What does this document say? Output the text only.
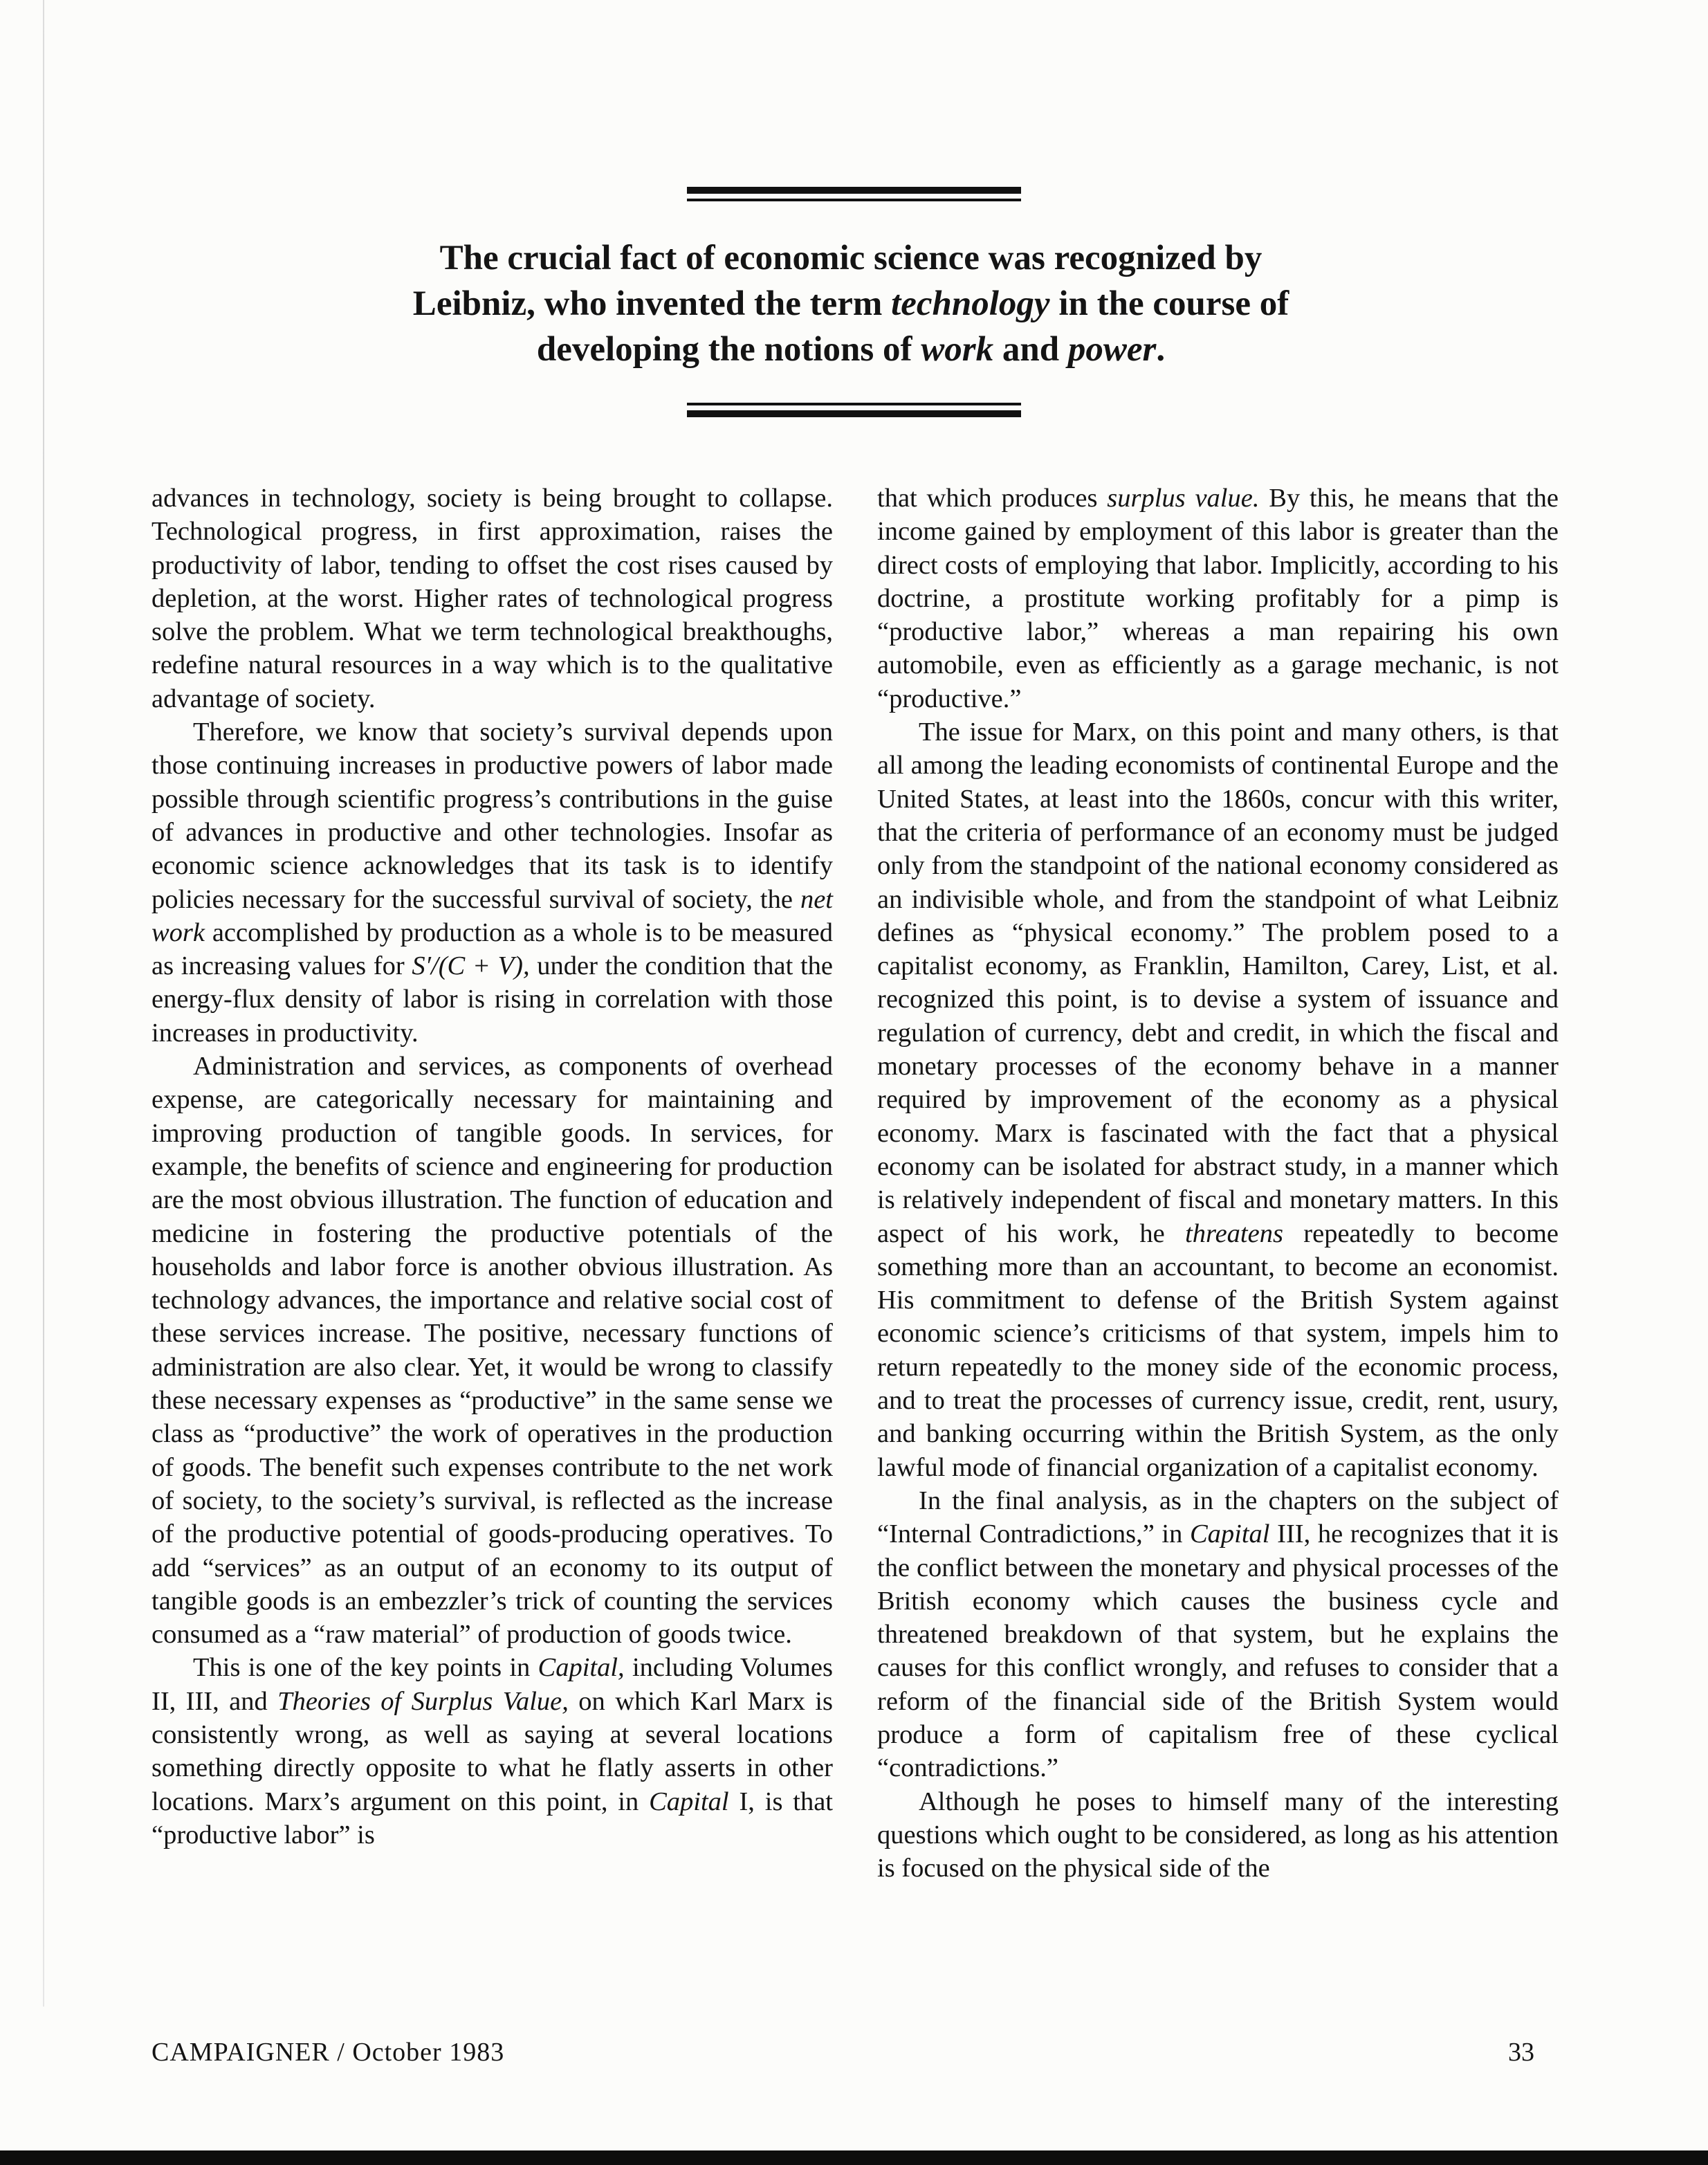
The crucial fact of economic science was recognized by
Leibniz, who invented the term technology in the course of
developing the notions of work and power.

advances in technology, society is being brought to collapse. Technological progress, in first approximation, raises the productivity of labor, tending to offset the cost rises caused by depletion, at the worst. Higher rates of technological progress solve the problem. What we term technological breakthoughs, redefine natural resources in a way which is to the qualitative advantage of society.

Therefore, we know that society’s survival depends upon those continuing increases in productive powers of labor made possible through scientific progress’s contributions in the guise of advances in productive and other technologies. Insofar as economic science acknowledges that its task is to identify policies necessary for the successful survival of society, the net work accomplished by production as a whole is to be measured as increasing values for S′/(C + V), under the condition that the energy-flux density of labor is rising in correlation with those increases in productivity.

Administration and services, as components of overhead expense, are categorically necessary for maintaining and improving production of tangible goods. In services, for example, the benefits of science and engineering for production are the most obvious illustration. The function of education and medicine in fostering the productive potentials of the households and labor force is another obvious illustration. As technology advances, the importance and relative social cost of these services increase. The positive, necessary functions of administration are also clear. Yet, it would be wrong to classify these necessary expenses as “productive” in the same sense we class as “productive” the work of operatives in the production of goods. The benefit such expenses contribute to the net work of society, to the society’s survival, is reflected as the increase of the productive potential of goods-producing operatives. To add “services” as an output of an economy to its output of tangible goods is an embezzler’s trick of counting the services consumed as a “raw material” of production of goods twice.

This is one of the key points in Capital, including Volumes II, III, and Theories of Surplus Value, on which Karl Marx is consistently wrong, as well as saying at several locations something directly opposite to what he flatly asserts in other locations. Marx’s argument on this point, in Capital I, is that “productive labor” is

that which produces surplus value. By this, he means that the income gained by employment of this labor is greater than the direct costs of employing that labor. Implicitly, according to his doctrine, a prostitute working profitably for a pimp is “productive labor,” whereas a man repairing his own automobile, even as efficiently as a garage mechanic, is not “productive.”

The issue for Marx, on this point and many others, is that all among the leading economists of continental Europe and the United States, at least into the 1860s, concur with this writer, that the criteria of performance of an economy must be judged only from the standpoint of the national economy considered as an indivisible whole, and from the standpoint of what Leibniz defines as “physical economy.” The problem posed to a capitalist economy, as Franklin, Hamilton, Carey, List, et al. recognized this point, is to devise a system of issuance and regulation of currency, debt and credit, in which the fiscal and monetary processes of the economy behave in a manner required by improvement of the economy as a physical economy. Marx is fascinated with the fact that a physical economy can be isolated for abstract study, in a manner which is relatively independent of fiscal and monetary matters. In this aspect of his work, he threatens repeatedly to become something more than an accountant, to become an economist. His commitment to defense of the British System against economic science’s criticisms of that system, impels him to return repeatedly to the money side of the economic process, and to treat the processes of currency issue, credit, rent, usury, and banking occurring within the British System, as the only lawful mode of financial organization of a capitalist economy.

In the final analysis, as in the chapters on the subject of “Internal Contradictions,” in Capital III, he recognizes that it is the conflict between the monetary and physical processes of the British economy which causes the business cycle and threatened breakdown of that system, but he explains the causes for this conflict wrongly, and refuses to consider that a reform of the financial side of the British System would produce a form of capitalism free of these cyclical “contradictions.”

Although he poses to himself many of the interesting questions which ought to be considered, as long as his attention is focused on the physical side of the

CAMPAIGNER / October 1983	33
